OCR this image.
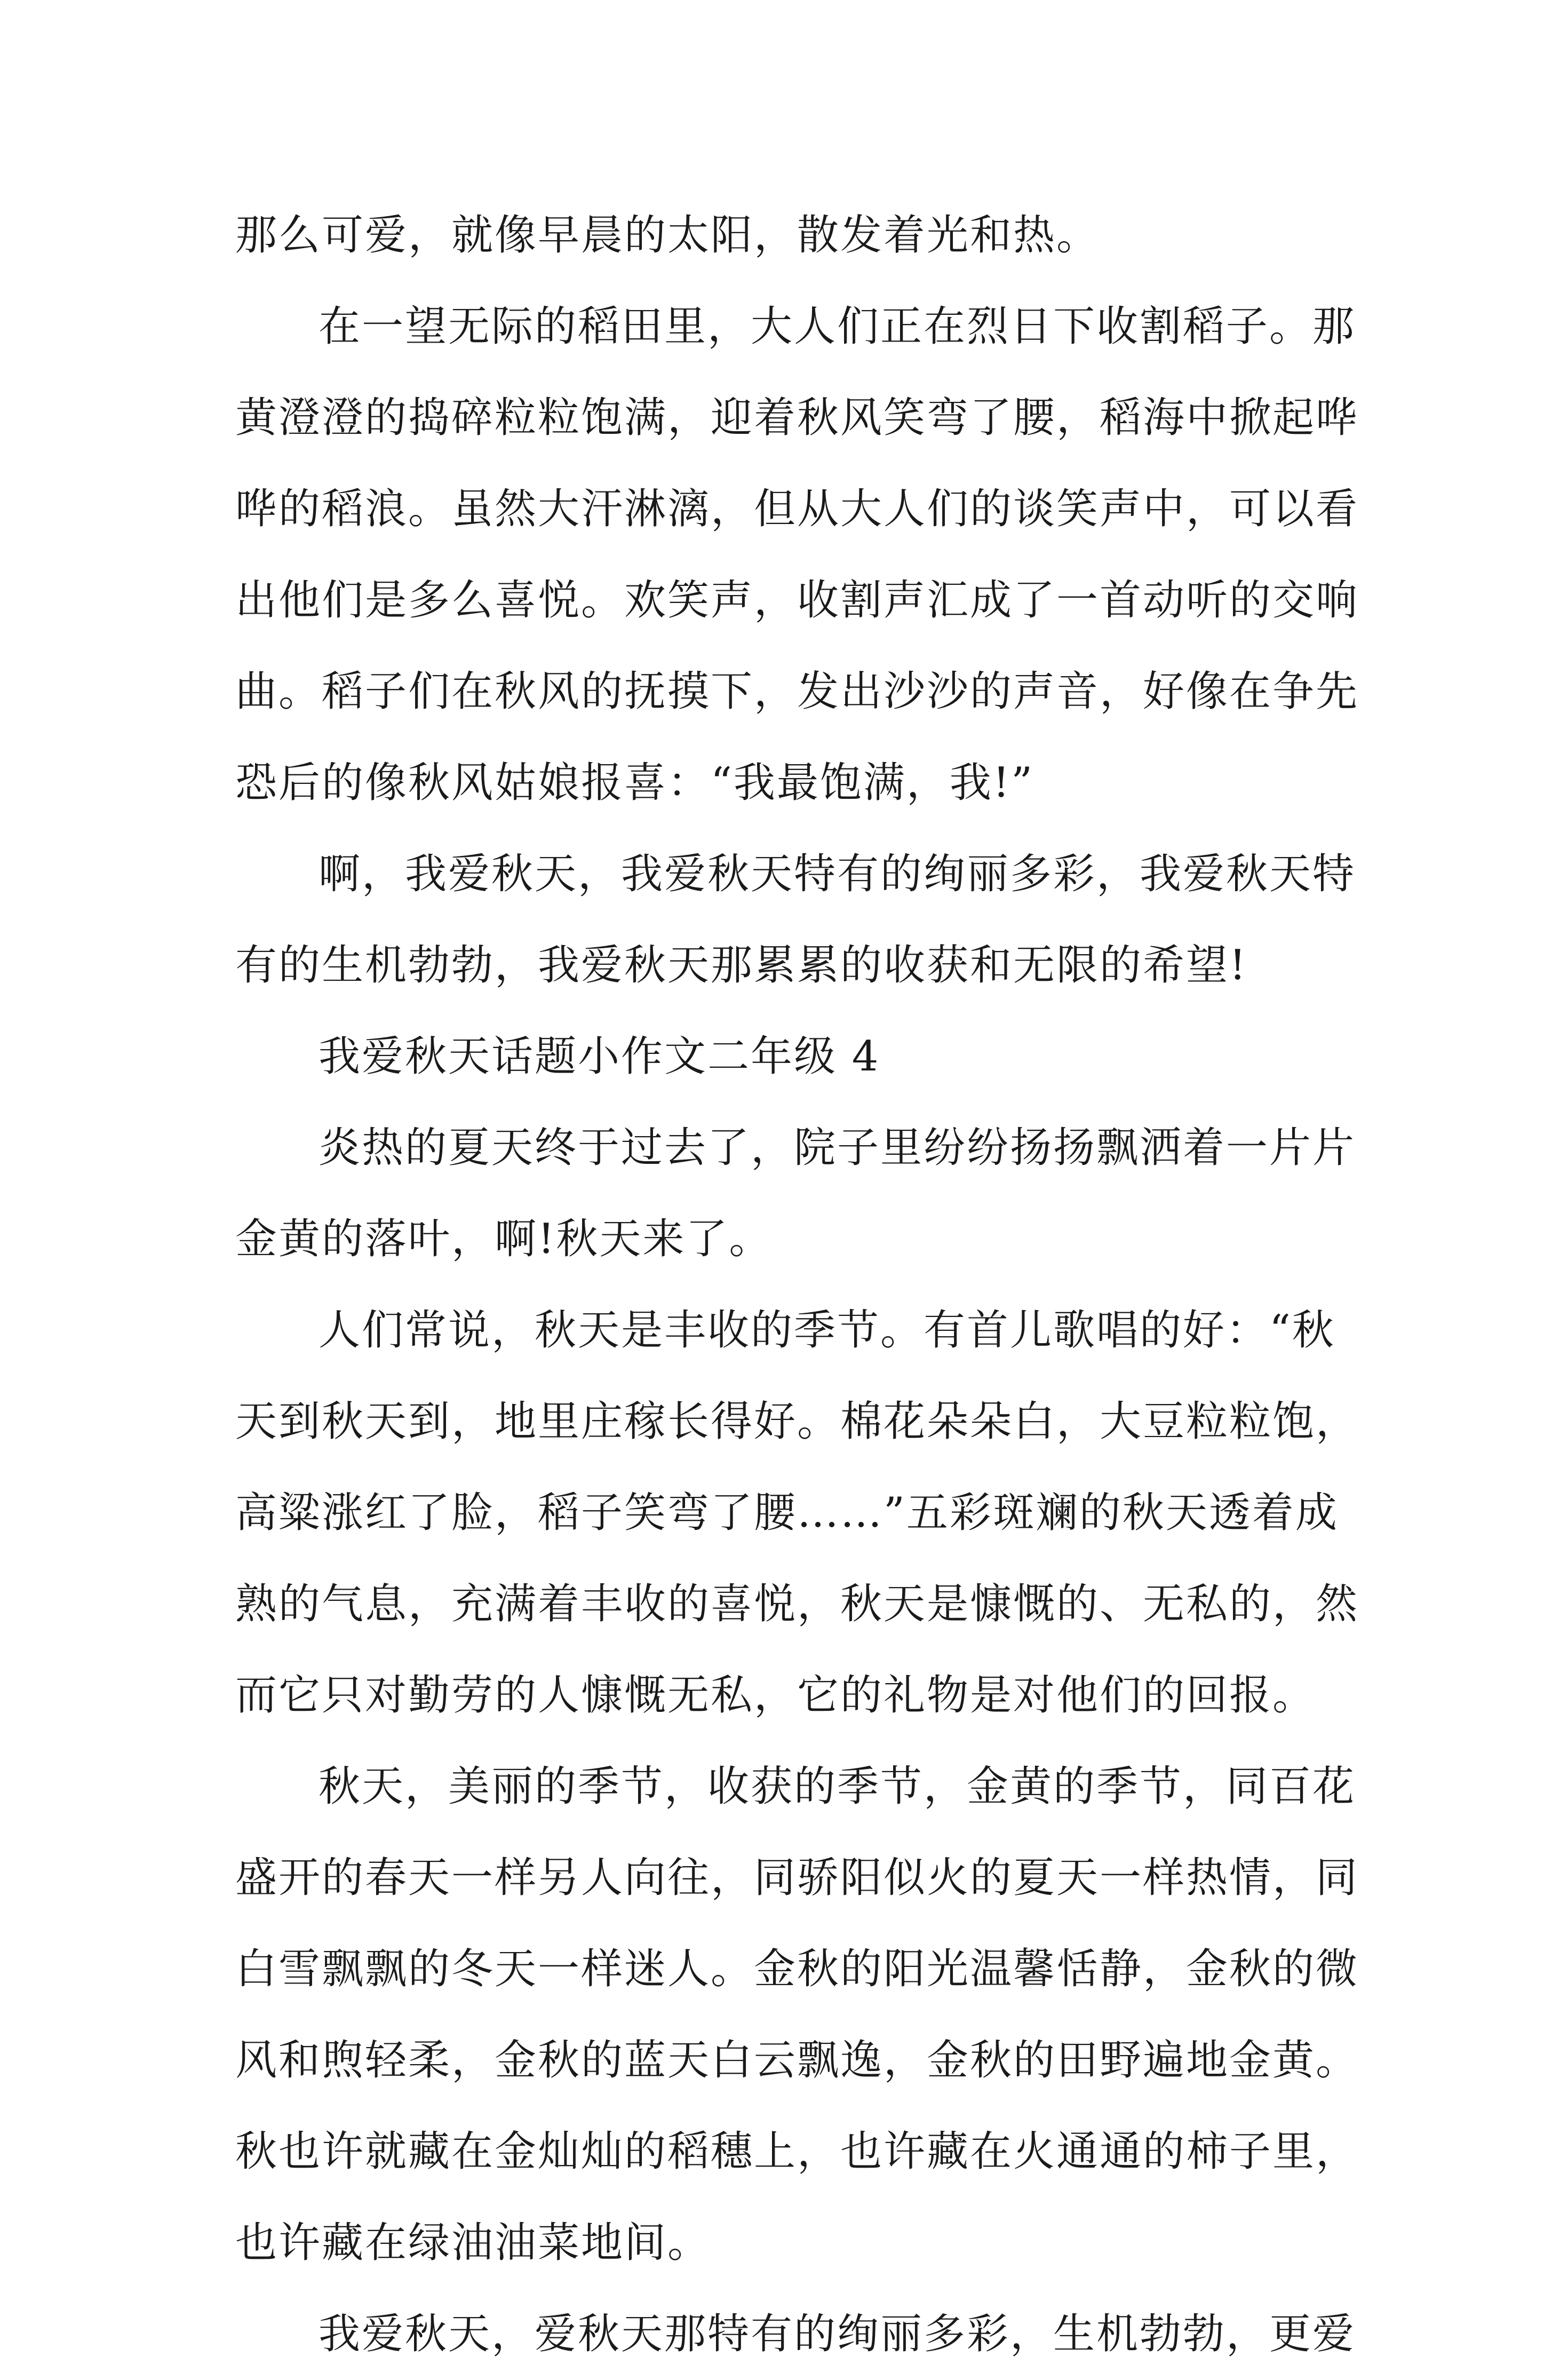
那么可爱，就像早晨的太阳，散发着光和热。
在一望无际的稻田里，大人们正在烈日下收割稻子。那
黄澄澄的捣碎粒粒饱满，迎着秋风笑弯了腰，稻海中掀起哗
哗的稻浪。虽然大汗淋漓，但从大人们的谈笑声中，可以看
出他们是多么喜悦。欢笑声，收割声汇成了一首动听的交响
曲。稻子们在秋风的抚摸下，发出沙沙的声音，好像在争先
恐后的像秋风姑娘报喜：“我最饱满，我!”
啊，我爱秋天，我爱秋天特有的绚丽多彩，我爱秋天特
有的生机勃勃，我爱秋天那累累的收获和无限的希望!
我爱秋天话题小作文二年级 4
炎热的夏天终于过去了，院子里纷纷扬扬飘洒着一片片
金黄的落叶，啊!秋天来了。
人们常说，秋天是丰收的季节。有首儿歌唱的好：“秋
天到秋天到，地里庄稼长得好。棉花朵朵白，大豆粒粒饱，
高粱涨红了脸，稻子笑弯了腰……”五彩斑斓的秋天透着成
熟的气息，充满着丰收的喜悦，秋天是慷慨的、无私的，然
而它只对勤劳的人慷慨无私，它的礼物是对他们的回报。
秋天，美丽的季节，收获的季节，金黄的季节，同百花
盛开的春天一样另人向往，同骄阳似火的夏天一样热情，同
白雪飘飘的冬天一样迷人。金秋的阳光温馨恬静，金秋的微
风和煦轻柔，金秋的蓝天白云飘逸，金秋的田野遍地金黄。
秋也许就藏在金灿灿的稻穗上，也许藏在火通通的柿子里，
也许藏在绿油油菜地间。
我爱秋天，爱秋天那特有的绚丽多彩，生机勃勃，更爱
